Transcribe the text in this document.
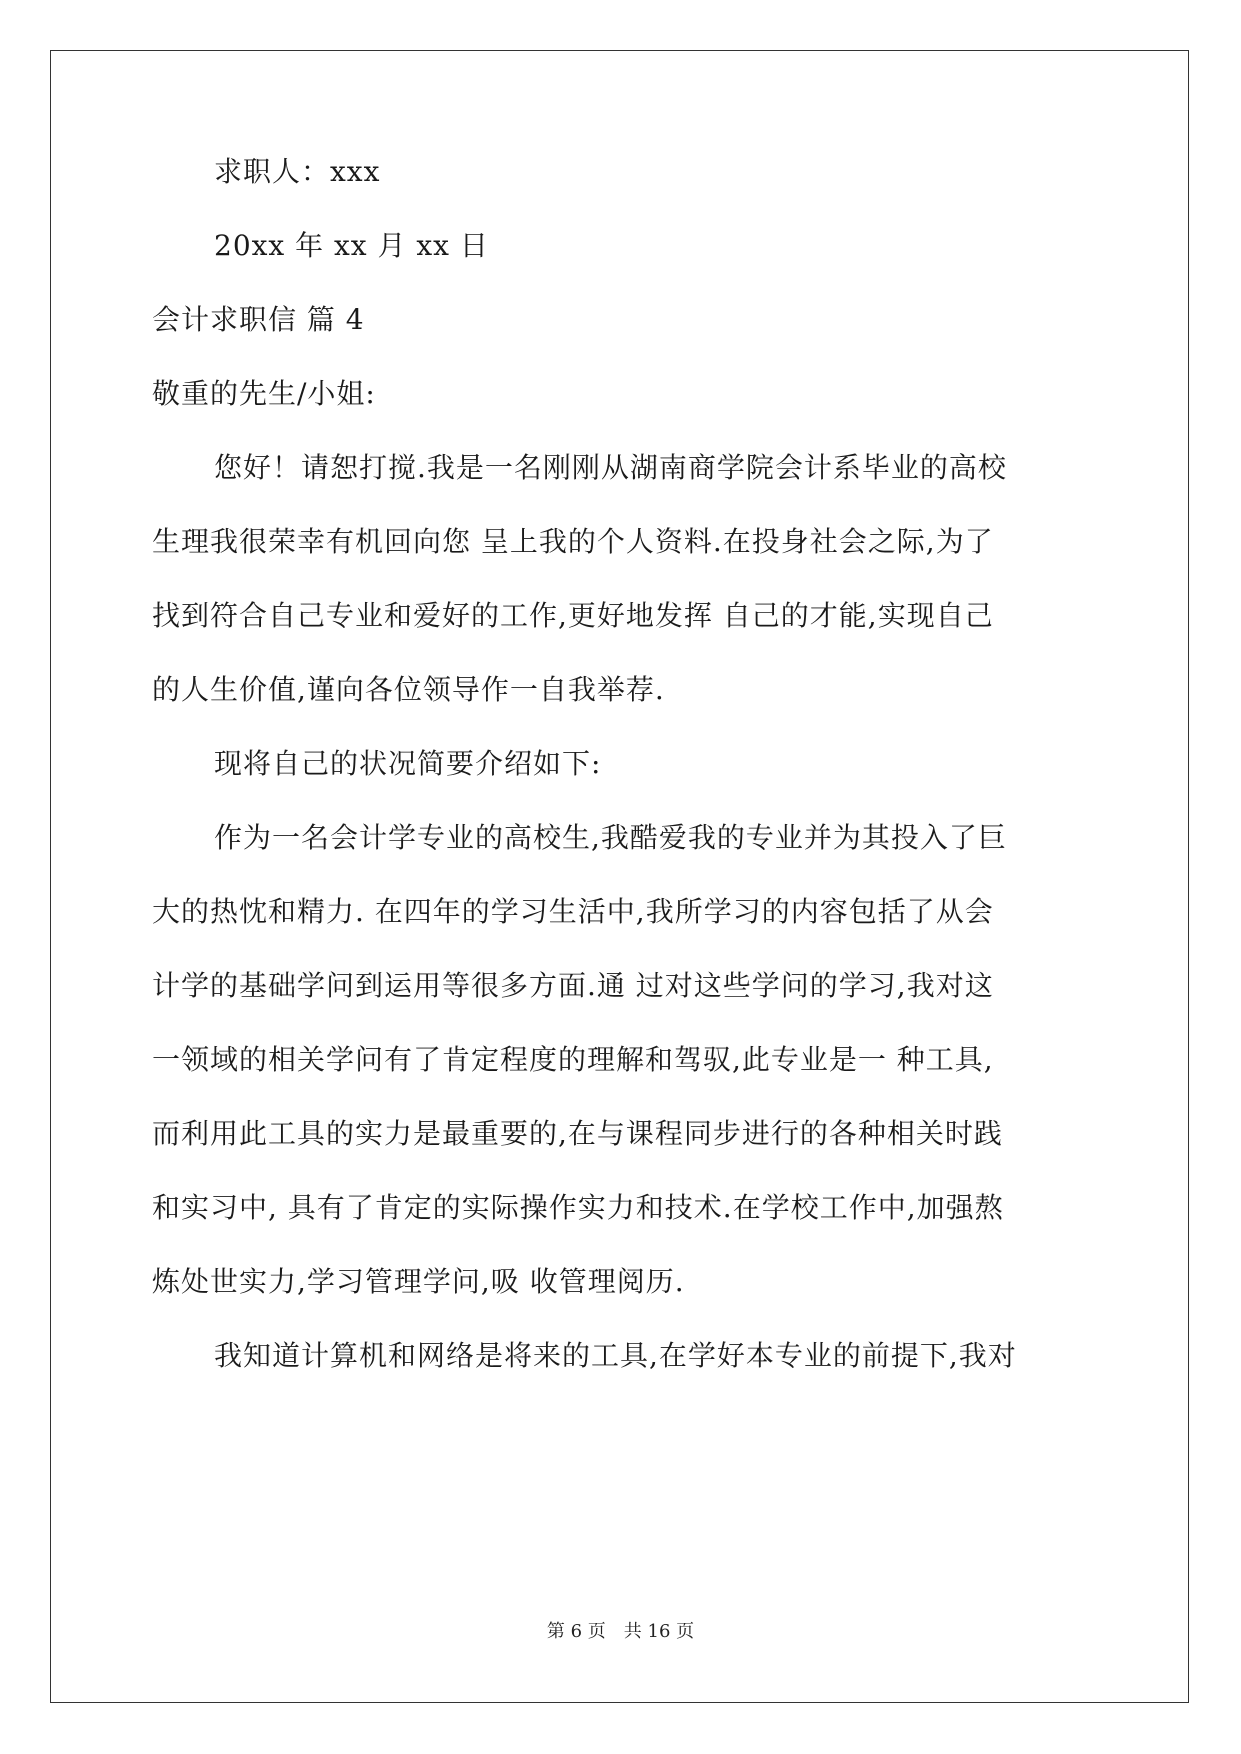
求职人：xxx
20xx 年 xx 月 xx 日
会计求职信 篇 4
敬重的先生/小姐:
您好！请恕打搅.我是一名刚刚从湖南商学院会计系毕业的高校
生理我很荣幸有机回向您 呈上我的个人资料.在投身社会之际,为了
找到符合自己专业和爱好的工作,更好地发挥 自己的才能,实现自己
的人生价值,谨向各位领导作一自我举荐.
现将自己的状况简要介绍如下:
作为一名会计学专业的高校生,我酷爱我的专业并为其投入了巨
大的热忱和精力. 在四年的学习生活中,我所学习的内容包括了从会
计学的基础学问到运用等很多方面.通 过对这些学问的学习,我对这
一领域的相关学问有了肯定程度的理解和驾驭,此专业是一 种工具,
而利用此工具的实力是最重要的,在与课程同步进行的各种相关时践
和实习中, 具有了肯定的实际操作实力和技术.在学校工作中,加强熬
炼处世实力,学习管理学问,吸 收管理阅历.
我知道计算机和网络是将来的工具,在学好本专业的前提下,我对
第 6 页 共 16 页
